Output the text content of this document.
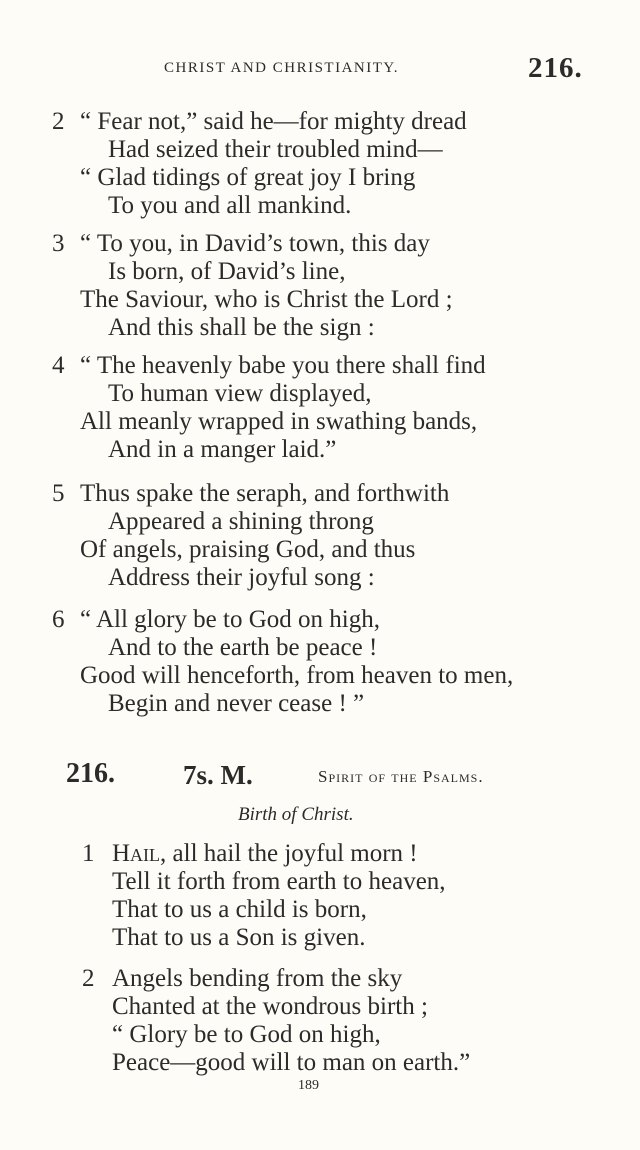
CHRIST AND CHRISTIANITY.	216.
2 “ Fear not,” said he—for mighty dread
Had seized their troubled mind—
“ Glad tidings of great joy I bring
To you and all mankind.
3 “ To you, in David’s town, this day
Is born, of David’s line,
The Saviour, who is Christ the Lord ;
And this shall be the sign :
4 “ The heavenly babe you there shall find
To human view displayed,
All meanly wrapped in swathing bands,
And in a manger laid.”
5 Thus spake the seraph, and forthwith
Appeared a shining throng
Of angels, praising God, and thus
Address their joyful song :
6 “ All glory be to God on high,
And to the earth be peace !
Good will henceforth, from heaven to men,
Begin and never cease ! ”
216.	7s. M.	Spirit of the Psalms.
Birth of Christ.
1 Hail, all hail the joyful morn !
Tell it forth from earth to heaven,
That to us a child is born,
That to us a Son is given.
2 Angels bending from the sky
Chanted at the wondrous birth ;
“ Glory be to God on high,
Peace—good will to man on earth.”
189
